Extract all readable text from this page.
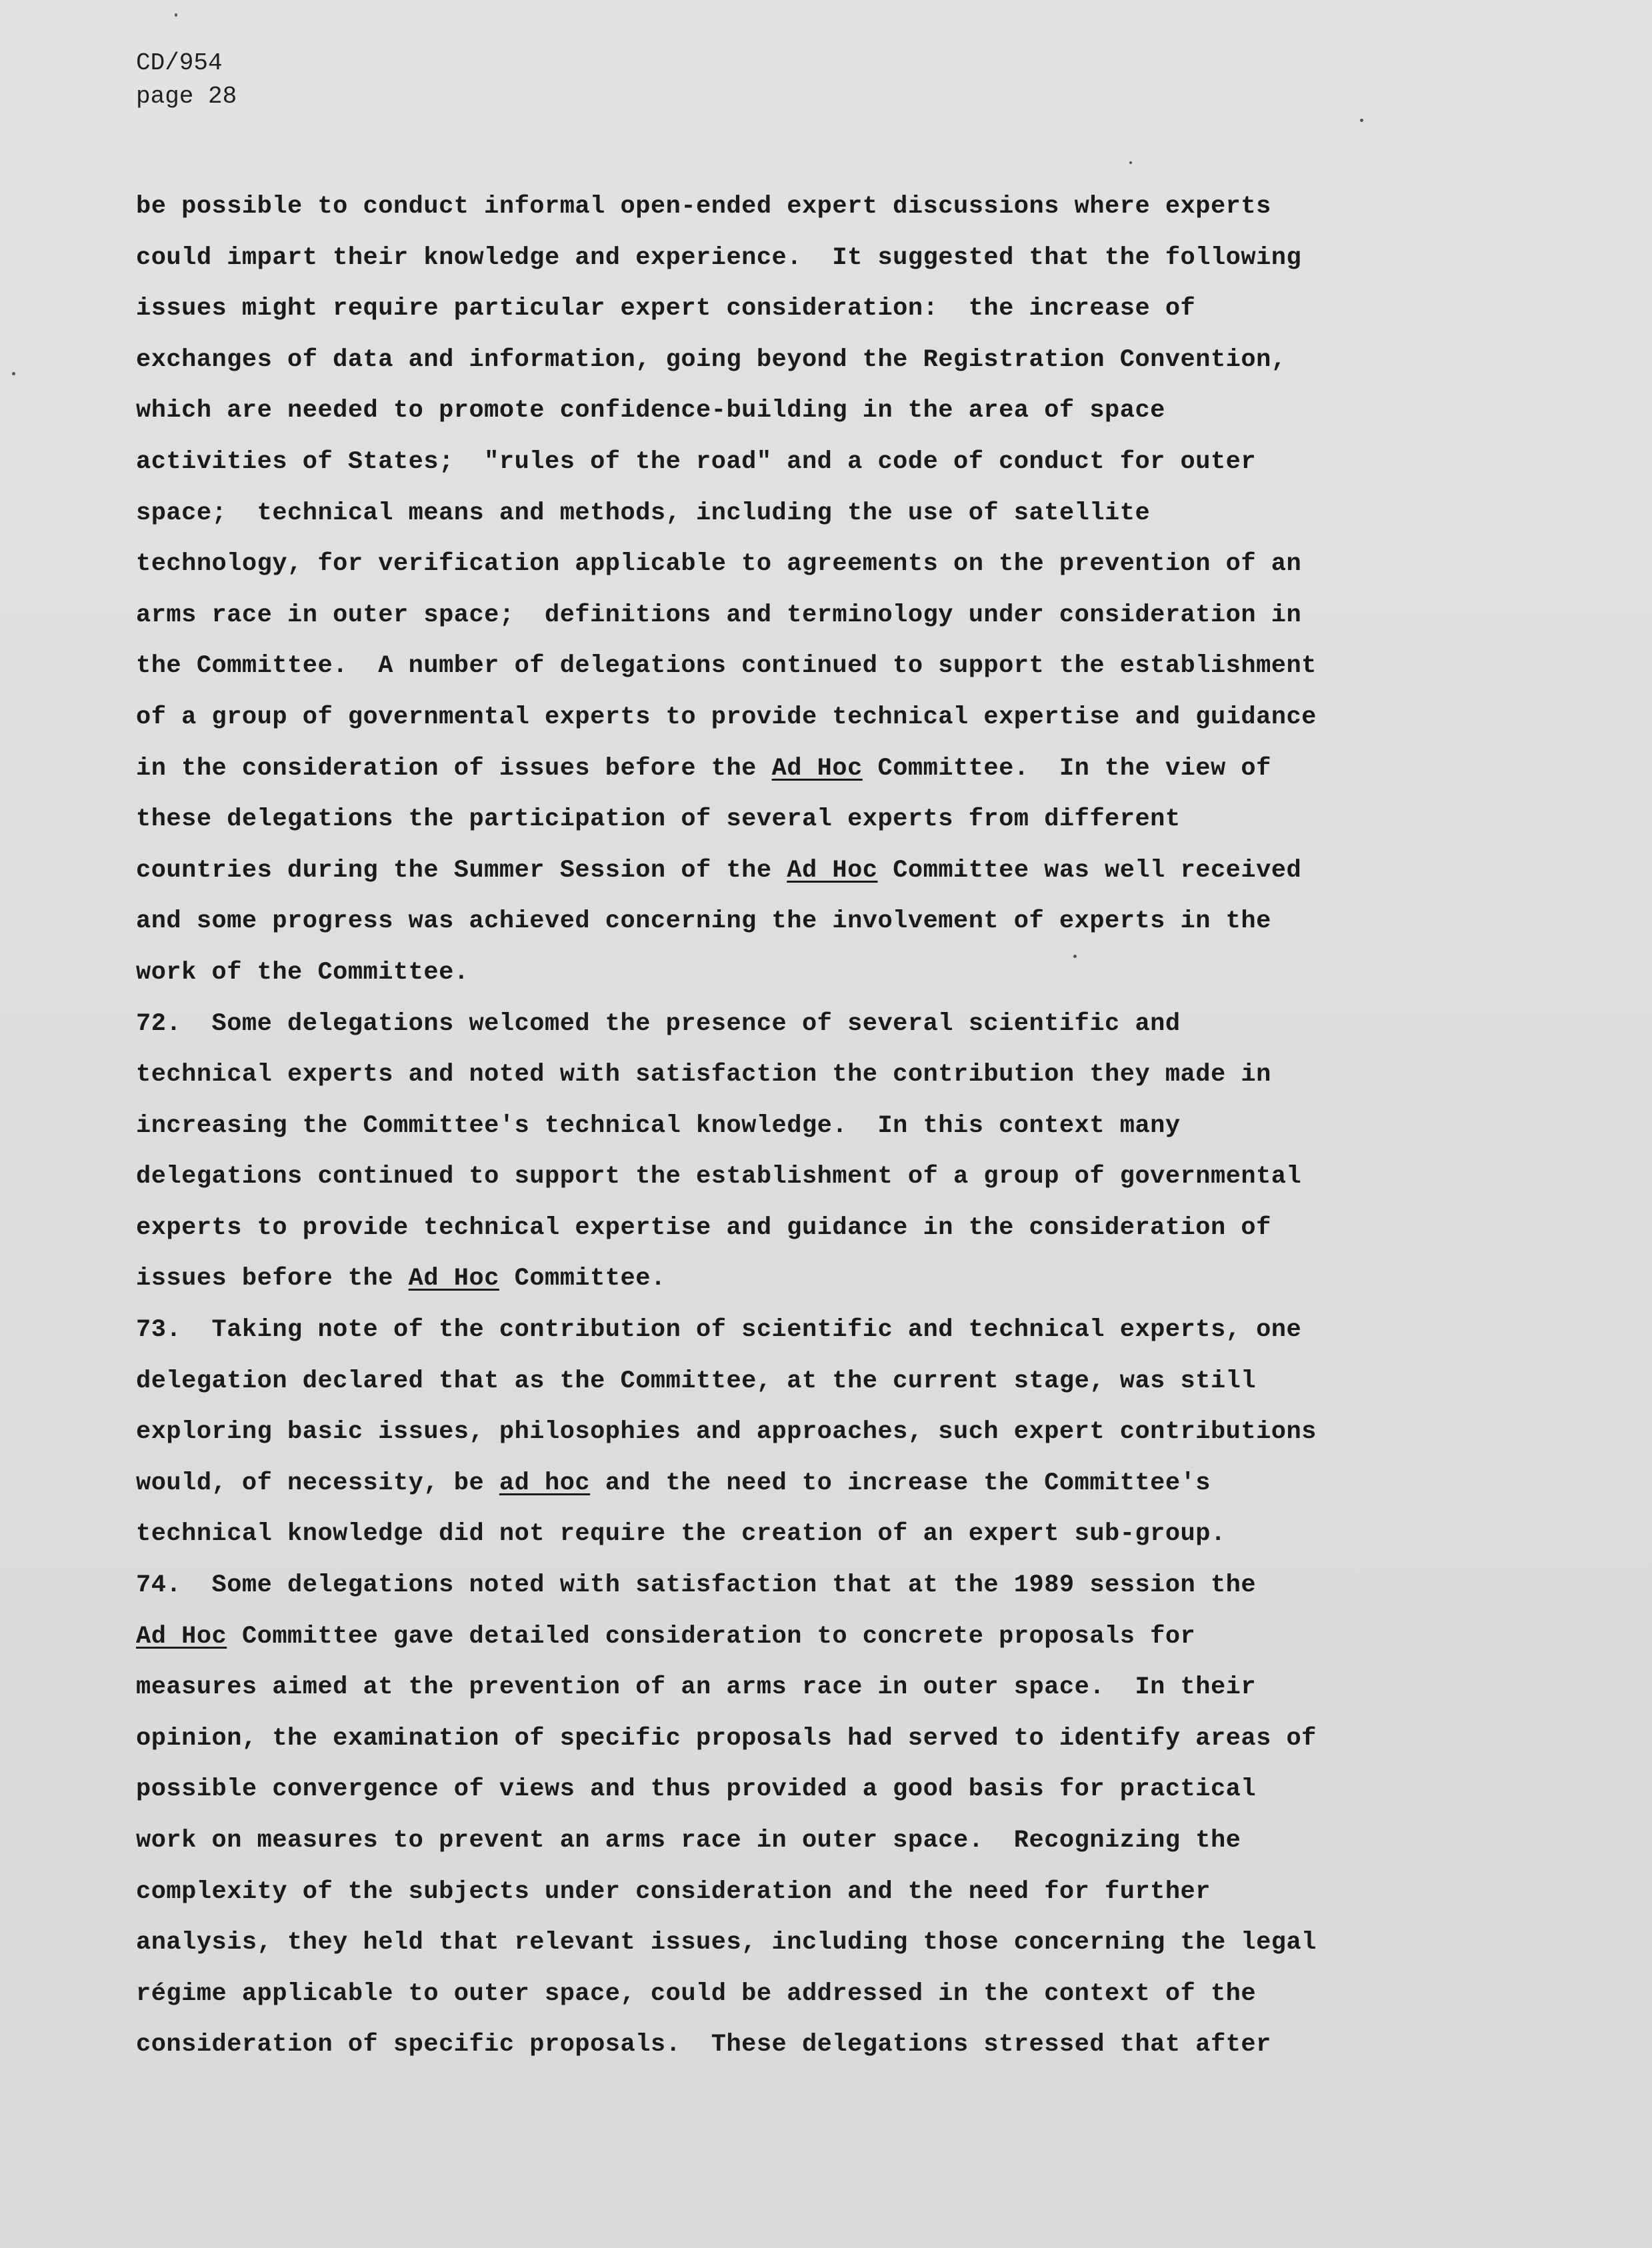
CD/954
page 28
be possible to conduct informal open-ended expert discussions where experts
could impart their knowledge and experience.  It suggested that the following
issues might require particular expert consideration:  the increase of
exchanges of data and information, going beyond the Registration Convention,
which are needed to promote confidence-building in the area of space
activities of States;  "rules of the road" and a code of conduct for outer
space;  technical means and methods, including the use of satellite
technology, for verification applicable to agreements on the prevention of an
arms race in outer space;  definitions and terminology under consideration in
the Committee.  A number of delegations continued to support the establishment
of a group of governmental experts to provide technical expertise and guidance
in the consideration of issues before the Ad Hoc Committee.  In the view of
these delegations the participation of several experts from different
countries during the Summer Session of the Ad Hoc Committee was well received
and some progress was achieved concerning the involvement of experts in the
work of the Committee.
72.  Some delegations welcomed the presence of several scientific and
technical experts and noted with satisfaction the contribution they made in
increasing the Committee's technical knowledge.  In this context many
delegations continued to support the establishment of a group of governmental
experts to provide technical expertise and guidance in the consideration of
issues before the Ad Hoc Committee.
73.  Taking note of the contribution of scientific and technical experts, one
delegation declared that as the Committee, at the current stage, was still
exploring basic issues, philosophies and approaches, such expert contributions
would, of necessity, be ad hoc and the need to increase the Committee's
technical knowledge did not require the creation of an expert sub-group.
74.  Some delegations noted with satisfaction that at the 1989 session the
Ad Hoc Committee gave detailed consideration to concrete proposals for
measures aimed at the prevention of an arms race in outer space.  In their
opinion, the examination of specific proposals had served to identify areas of
possible convergence of views and thus provided a good basis for practical
work on measures to prevent an arms race in outer space.  Recognizing the
complexity of the subjects under consideration and the need for further
analysis, they held that relevant issues, including those concerning the legal
régime applicable to outer space, could be addressed in the context of the
consideration of specific proposals.  These delegations stressed that after
